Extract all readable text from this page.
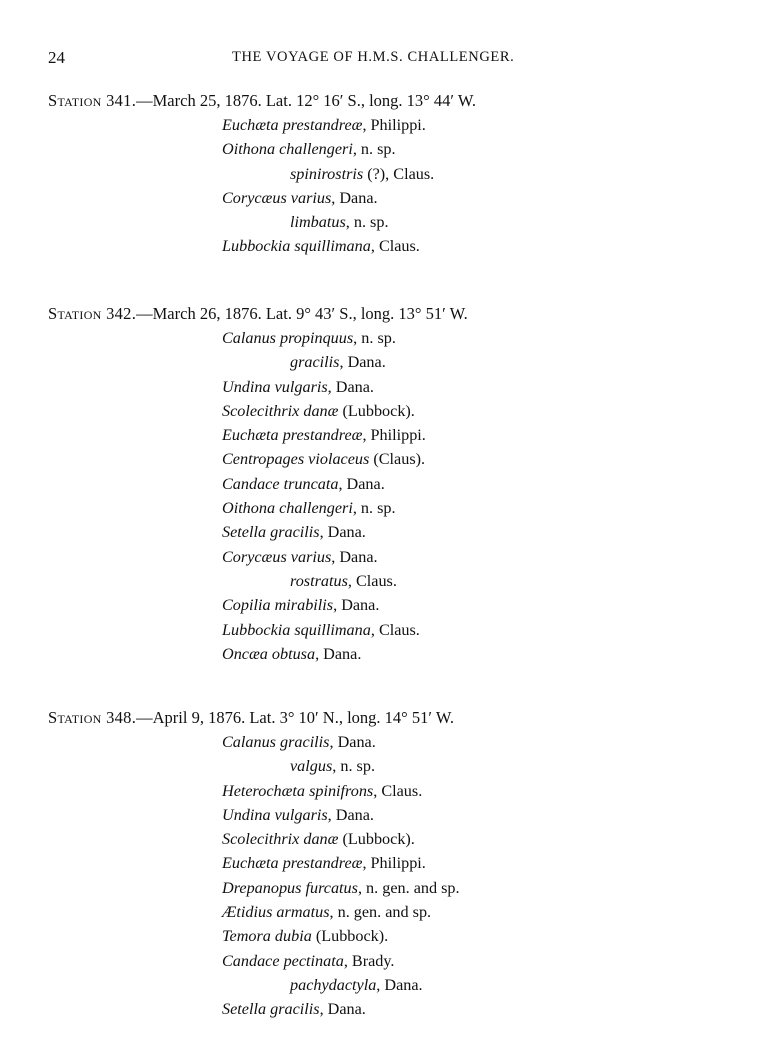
24	THE VOYAGE OF H.M.S. CHALLENGER.
Station 341.—March 25, 1876. Lat. 12° 16′ S., long. 13° 44′ W.
Euchæta prestandreæ, Philippi.
Oithona challengeri, n. sp.
spinirostris (?), Claus.
Corycæus varius, Dana.
limbatus, n. sp.
Lubbockia squillimana, Claus.
Station 342.—March 26, 1876. Lat. 9° 43′ S., long. 13° 51′ W.
Calanus propinquus, n. sp.
gracilis, Dana.
Undina vulgaris, Dana.
Scolecithrix danæ (Lubbock).
Euchæta prestandreæ, Philippi.
Centropages violaceus (Claus).
Candace truncata, Dana.
Oithona challengeri, n. sp.
Setella gracilis, Dana.
Corycæus varius, Dana.
rostratus, Claus.
Copilia mirabilis, Dana.
Lubbockia squillimana, Claus.
Oncæa obtusa, Dana.
Station 348.—April 9, 1876. Lat. 3° 10′ N., long. 14° 51′ W.
Calanus gracilis, Dana.
valgus, n. sp.
Heterochæta spinifrons, Claus.
Undina vulgaris, Dana.
Scolecithrix danæ (Lubbock).
Euchæta prestandreæ, Philippi.
Drepanopus furcatus, n. gen. and sp.
Ætidius armatus, n. gen. and sp.
Temora dubia (Lubbock).
Candace pectinata, Brady.
pachydactyla, Dana.
Setella gracilis, Dana.
